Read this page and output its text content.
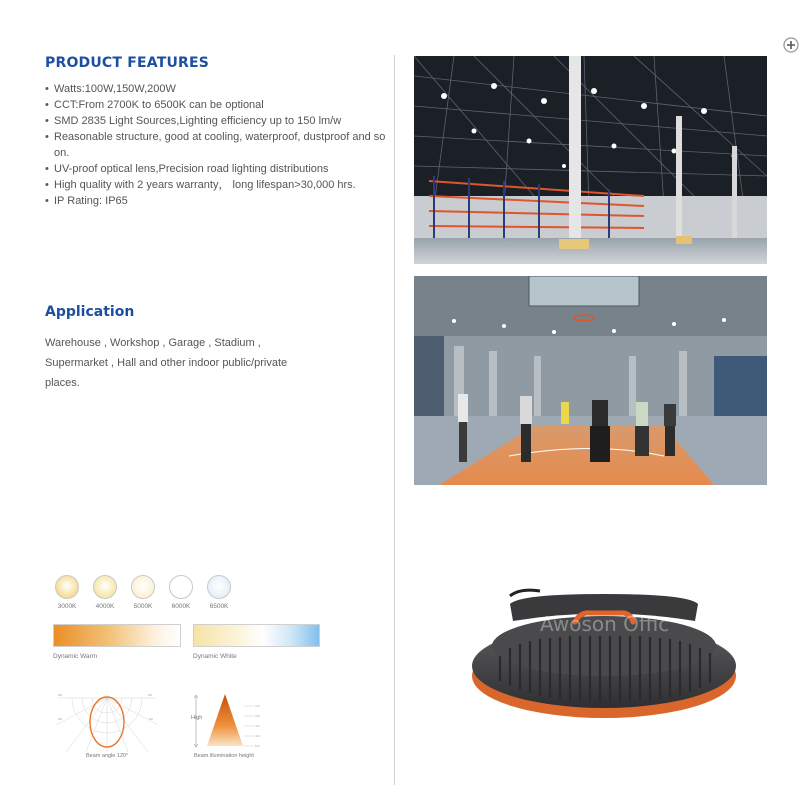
PRODUCT FEATURES
• Watts:100W,150W,200W
• CCT:From 2700K to 6500K can be optional
• SMD 2835 Light Sources,Lighting efficiency up to 150 lm/w
• Reasonable structure, good at cooling, waterproof, dustproof and so on.
• UV-proof optical lens,Precision road lighting distributions
• High quality with 2 years warranty， long lifespan>30,000 hrs.
• IP Rating: IP65
Application
Warehouse , Workshop , Garage , Stadium , Supermarket , Hall and other indoor public/private places.
3000K	4000K	5000K	6000K	6500K
Dynamic Warm	Dynamic White
90	90
60	60
Beam angle 120°
1m
2m
3m
4m
5m
High
Beam illumination height
Awoson Offic
